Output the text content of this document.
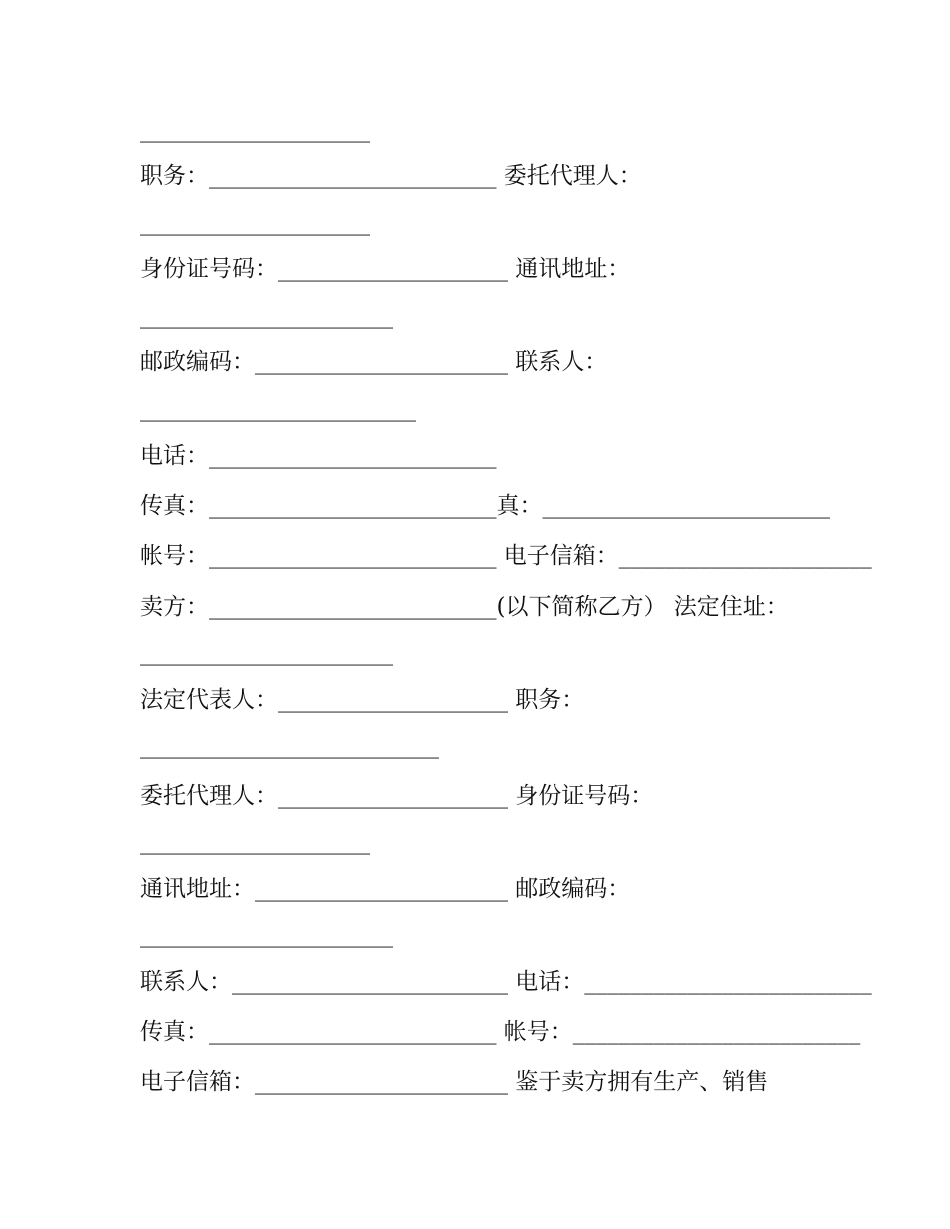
____________________
职务：_________________________ 委托代理人：
____________________
身份证号码：____________________ 通讯地址：
______________________
邮政编码：______________________ 联系人：
________________________
电话：_________________________
传真：_________________________真：_________________________
帐号：_________________________ 电子信箱：______________________
卖方：_________________________(以下简称乙方） 法定住址：
______________________
法定代表人：____________________ 职务：
__________________________
委托代理人：____________________ 身份证号码：
____________________
通讯地址：______________________ 邮政编码：
______________________
联系人：________________________ 电话：_________________________
传真：_________________________ 帐号：_________________________
电子信箱：______________________ 鉴于卖方拥有生产、销售
